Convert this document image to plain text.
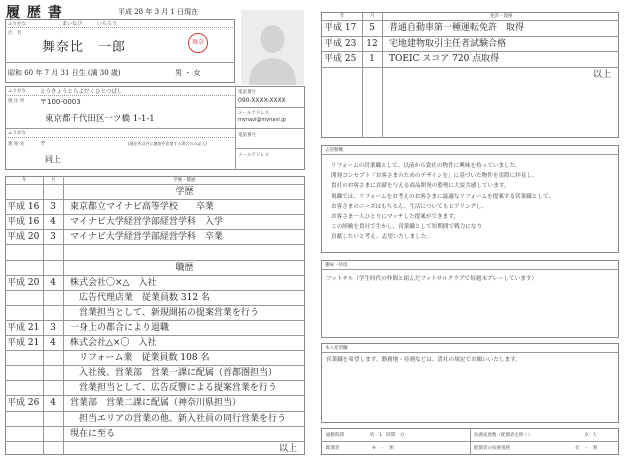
履 歴 書	平成 28 年 3 月 1 日現在
ふりがな	まいなび　　　いちろう
氏　名
舞奈比　一郎	舞奈
昭和 60 年 7 月 31 日生 (満 30 歳)	男 ・ 女
ふりがな	とうきょうとちよだくひとつばし
現 住 所 〒100-0003
東京都千代田区一ツ橋 1-1-1
電話番号
090-XXXX-XXXX
メールアドレス
mynavi@mynavi.jp
ふりがな
連 絡 先	〒	(現住所以外に連絡を希望する場合のみ記入)
同上
電話番号
メールアドレス
年	月	学歴・職歴
学歴
平成 16	3	東京都立マイナビ高等学校　　卒業
平成 16	4	マイナビ大学経営学部経営学科　入学
平成 20	3	マイナビ大学経営学部経営学科　卒業
職歴
平成 20	4	株式会社〇×△　入社
　広告代理店業　従業員数 312 名
　営業担当として、新規開拓の提案営業を行う
平成 21	3	一身上の都合により退職
平成 21	4	株式会社△×〇　入社
　リフォーム業　従業員数 108 名
　入社後、営業部　営業一課に配属（首都圏担当）
　営業担当として、広告反響による提案営業を行う
平成 26	4	営業部　営業二課に配属（神奈川県担当）
　担当エリアの営業の他、新入社員の同行営業を行う
現在に至る
以上
年	月	免許・資格
平成 17	5	普通自動車第一種運転免許　取得
平成 23	12	宅地建物取引主任者試験合格
平成 25	1	TOEIC スコア 720 点取得
以上
志望動機
リフォームの営業職として、以前から貴社の物件に興味を持っていました。
開発コンセプト「お客さまのためのデザインを」に基づいた物件を実際に拝見し、
貴社のお客さまに貢献を与える商品開発の姿勢に大変共感しています。
現職では、リフォームをお考えのお客さまに最適なリフォームを提案する営業職として、
お客さまのニーズはもちろん、生活についてもヒアリングし、
お客さま一人ひとりにマッチした提案ができます。
この経験を貴社で生かし、営業職として短期間で戦力になり
貢献したいと考え、志望いたしました。
趣味・特技
フットサル（学生時代の仲間と組んだフットサルクラブで毎週末プレーしています）
本人希望欄
営業職を希望します。勤務地・待遇などは、貴社の規定でお願いいたします。
通勤時間	約　1　時間　分	扶養家族数（配偶者を除く）	0　人
配偶者	※　・　無	配偶者の扶養義務	有　・　無
